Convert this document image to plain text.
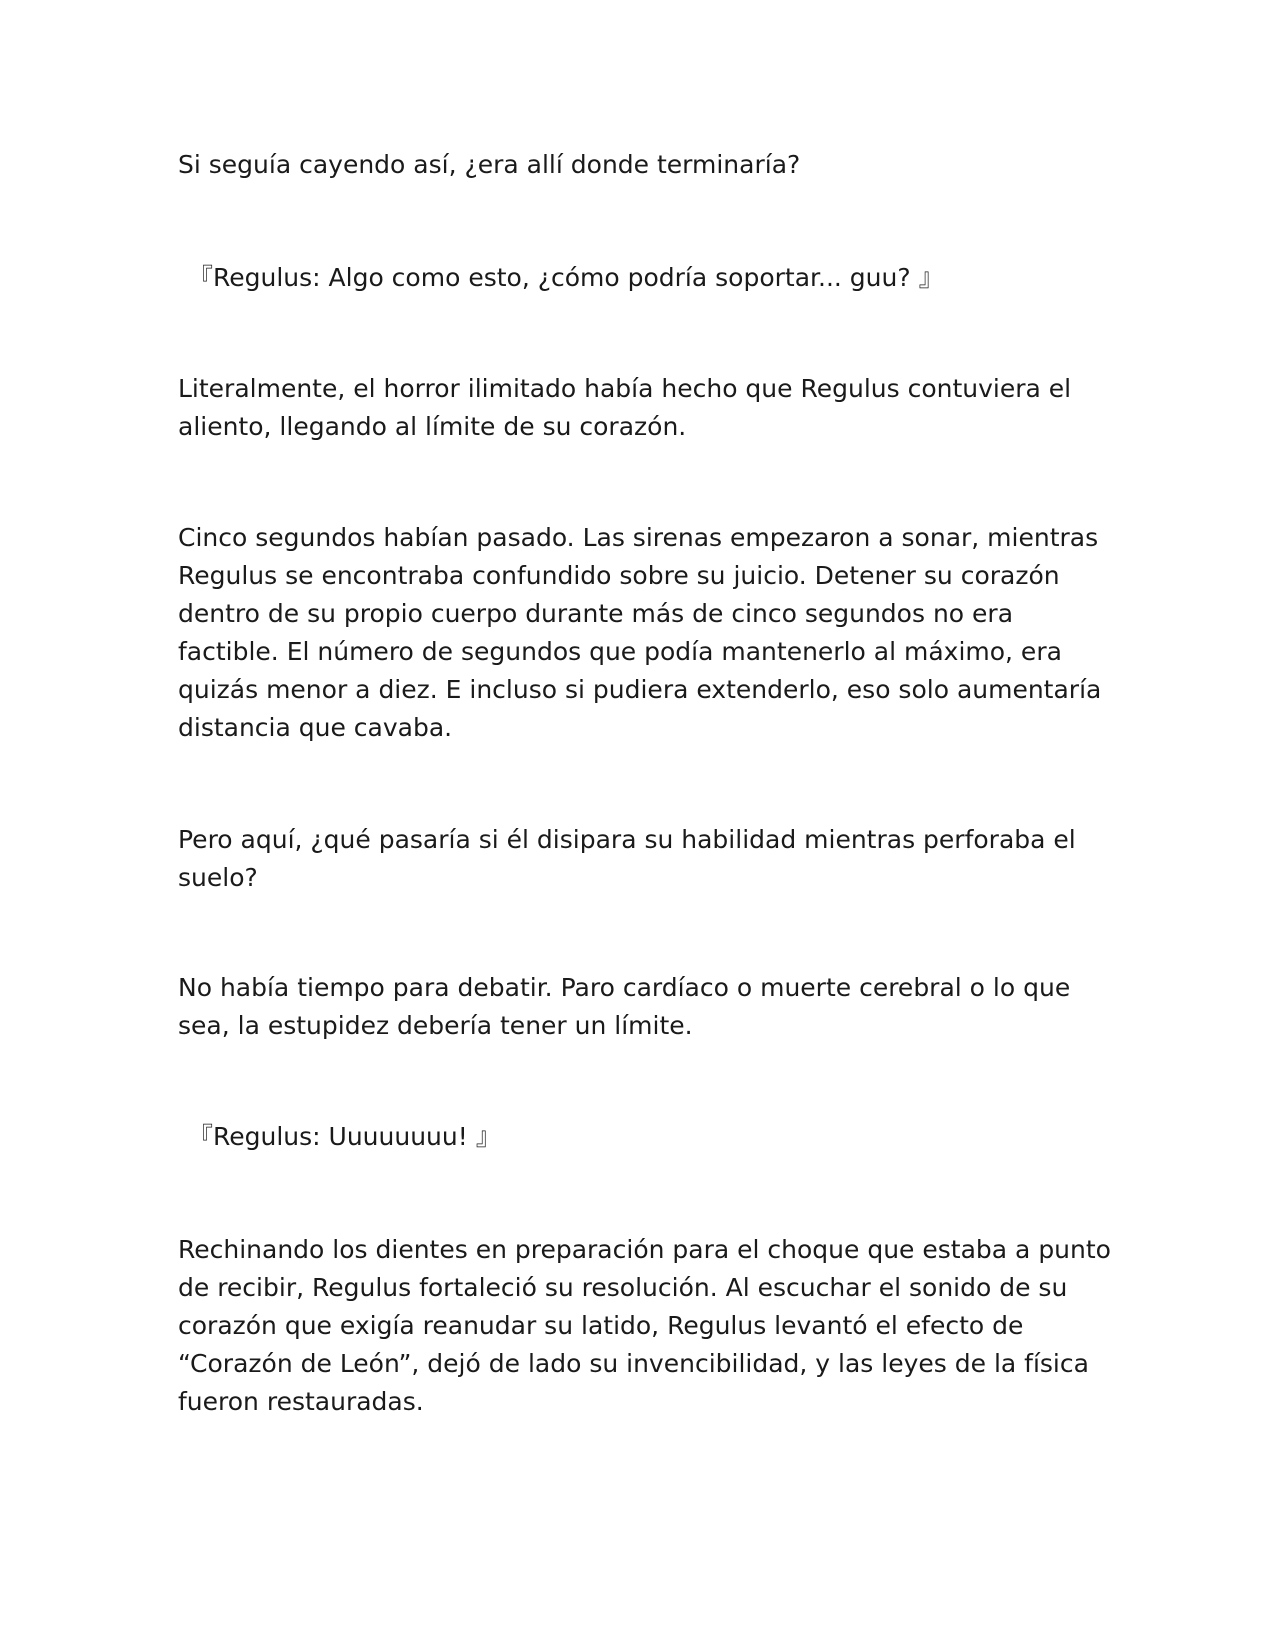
Si seguía cayendo así, ¿era allí donde terminaría?

『Regulus: Algo como esto, ¿cómo podría soportar... guu? 』

Literalmente, el horror ilimitado había hecho que Regulus contuviera el aliento, llegando al límite de su corazón.

Cinco segundos habían pasado. Las sirenas empezaron a sonar, mientras Regulus se encontraba confundido sobre su juicio. Detener su corazón dentro de su propio cuerpo durante más de cinco segundos no era factible. El número de segundos que podía mantenerlo al máximo, era quizás menor a diez. E incluso si pudiera extenderlo, eso solo aumentaría distancia que cavaba.

Pero aquí, ¿qué pasaría si él disipara su habilidad mientras perforaba el suelo?

No había tiempo para debatir. Paro cardíaco o muerte cerebral o lo que sea, la estupidez debería tener un límite.

『Regulus: Uuuuuuuu! 』

Rechinando los dientes en preparación para el choque que estaba a punto de recibir, Regulus fortaleció su resolución. Al escuchar el sonido de su corazón que exigía reanudar su latido, Regulus levantó el efecto de “Corazón de León”, dejó de lado su invencibilidad, y las leyes de la física fueron restauradas.
